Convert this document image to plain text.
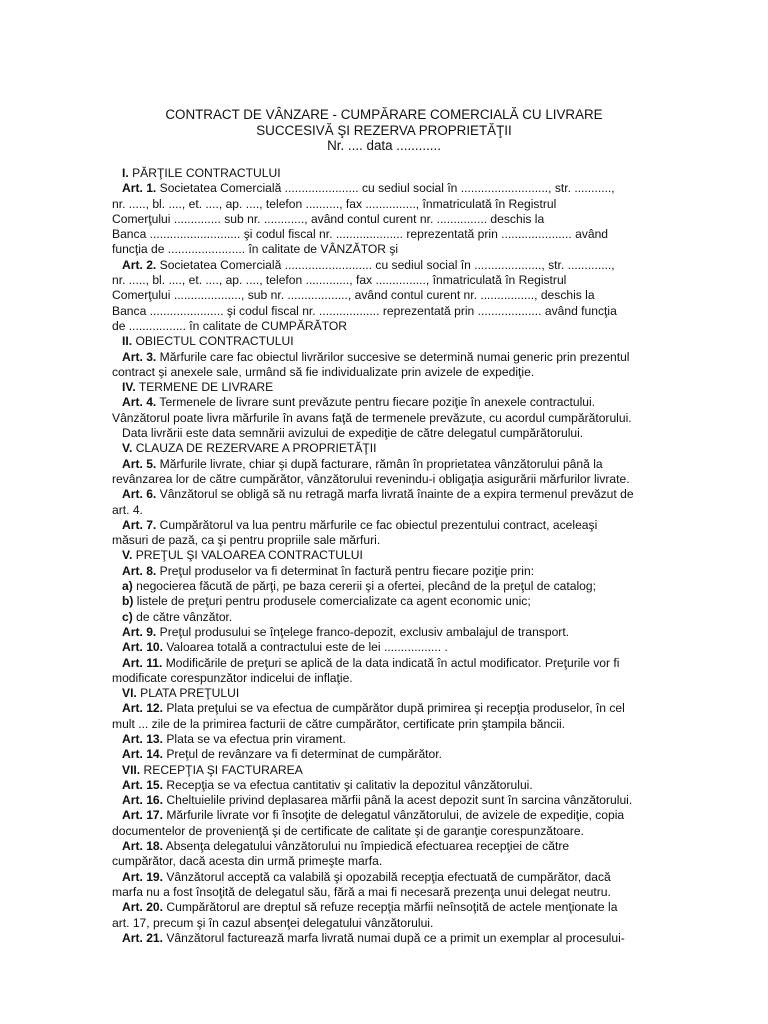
CONTRACT DE VÂNZARE - CUMPĂRARE COMERCIALĂ CU LIVRARE
SUCCESIVĂ ŞI REZERVA PROPRIETĂŢII
Nr. .... data ............
I. PĂRŢILE CONTRACTULUI
Art. 1. Societatea Comercială ...................... cu sediul social în .........................., str. ...........,
nr. ....., bl. ...., et. ...., ap. ...., telefon .........., fax ..............., înmatriculată în Registrul
Comerţului .............. sub nr. ............, având contul curent nr. ............... deschis la
Banca ........................... şi codul fiscal nr. .................... reprezentată prin ..................... având
funcţia de ....................... în calitate de VÂNZĂTOR şi
Art. 2. Societatea Comercială .......................... cu sediul social în ...................., str. .............,
nr. ....., bl. ...., et. ...., ap. ...., telefon ............., fax ..............., înmatriculată în Registrul
Comerţului ...................., sub nr. .................., având contul curent nr. ................, deschis la
Banca ...................... şi codul fiscal nr. .................. reprezentată prin ................... având funcţia
de ................. în calitate de CUMPĂRĂTOR
II. OBIECTUL CONTRACTULUI
Art. 3. Mărfurile care fac obiectul livrărilor succesive se determină numai generic prin prezentul
contract şi anexele sale, urmând să fie individualizate prin avizele de expediţie.
IV. TERMENE DE LIVRARE
Art. 4. Termenele de livrare sunt prevăzute pentru fiecare poziţie în anexele contractului.
Vânzătorul poate livra mărfurile în avans faţă de termenele prevăzute, cu acordul cumpărătorului.
Data livrării este data semnării avizului de expediţie de către delegatul cumpărătorului.
V. CLAUZA DE REZERVARE A PROPRIETĂŢII
Art. 5. Mărfurile livrate, chiar şi după facturare, rămân în proprietatea vânzătorului până la
revânzarea lor de către cumpărător, vânzătorului revenindu-i obligaţia asigurării mărfurilor livrate.
Art. 6. Vânzătorul se obligă să nu retragă marfa livrată înainte de a expira termenul prevăzut de
art. 4.
Art. 7. Cumpărătorul va lua pentru mărfurile ce fac obiectul prezentului contract, aceleaşi
măsuri de pază, ca şi pentru propriile sale mărfuri.
V. PREŢUL ŞI VALOAREA CONTRACTULUI
Art. 8. Preţul produselor va fi determinat în factură pentru fiecare poziţie prin:
a) negocierea făcută de părţi, pe baza cererii şi a ofertei, plecând de la preţul de catalog;
b) listele de preţuri pentru produsele comercializate ca agent economic unic;
c) de către vânzător.
Art. 9. Preţul produsului se înţelege franco-depozit, exclusiv ambalajul de transport.
Art. 10. Valoarea totală a contractului este de lei ................. .
Art. 11. Modificările de preţuri se aplică de la data indicată în actul modificator. Preţurile vor fi
modificate corespunzător indicelui de inflaţie.
VI. PLATA PREŢULUI
Art. 12. Plata preţului se va efectua de cumpărător după primirea şi recepţia produselor, în cel
mult ... zile de la primirea facturii de către cumpărător, certificate prin ştampila băncii.
Art. 13. Plata se va efectua prin virament.
Art. 14. Preţul de revânzare va fi determinat de cumpărător.
VII. RECEPŢIA ŞI FACTURAREA
Art. 15. Recepţia se va efectua cantitativ şi calitativ la depozitul vânzătorului.
Art. 16. Cheltuielile privind deplasarea mărfii până la acest depozit sunt în sarcina vânzătorului.
Art. 17. Mărfurile livrate vor fi însoţite de delegatul vânzătorului, de avizele de expediţie, copia
documentelor de provenienţă şi de certificate de calitate şi de garanţie corespunzătoare.
Art. 18. Absenţa delegatului vânzătorului nu împiedică efectuarea recepţiei de către
cumpărător, dacă acesta din urmă primeşte marfa.
Art. 19. Vânzătorul acceptă ca valabilă şi opozabilă recepţia efectuată de cumpărător, dacă
marfa nu a fost însoţită de delegatul său, fără a mai fi necesară prezenţa unui delegat neutru.
Art. 20. Cumpărătorul are dreptul să refuze recepţia mărfii neînsoţită de actele menţionate la
art. 17, precum şi în cazul absenţei delegatului vânzătorului.
Art. 21. Vânzătorul facturează marfa livrată numai după ce a primit un exemplar al procesului-
